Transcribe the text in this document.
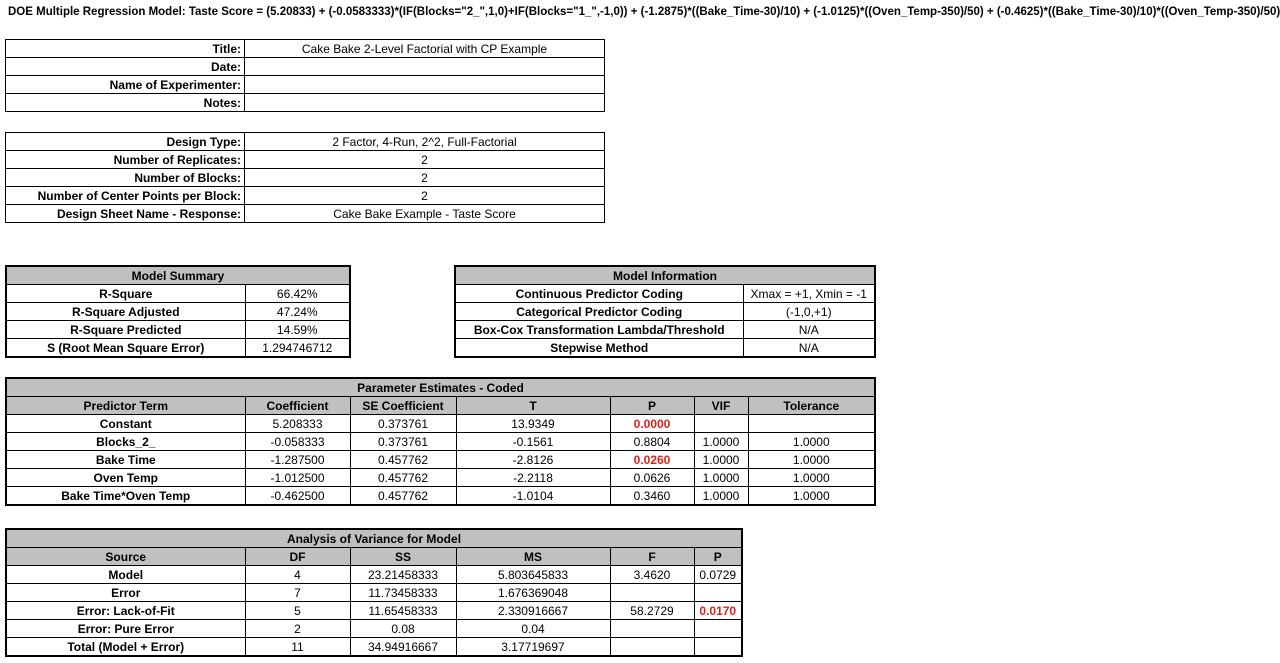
DOE Multiple Regression Model: Taste Score = (5.20833) + (-0.0583333)*(IF(Blocks="2_",1,0)+IF(Blocks="1_",-1,0)) + (-1.2875)*((Bake_Time-30)/10) + (-1.0125)*((Oven_Temp-350)/50) + (-0.4625)*((Bake_Time-30)/10)*((Oven_Temp-350)/50)
Title:	Cake Bake 2-Level Factorial with CP Example
Date:	
Name of Experimenter:	
Notes:	
Design Type:	2 Factor, 4-Run, 2^2, Full-Factorial
Number of Replicates:	2
Number of Blocks:	2
Number of Center Points per Block:	2
Design Sheet Name - Response:	Cake Bake Example - Taste Score
Model Summary	
R-Square	66.42%
R-Square Adjusted	47.24%
R-Square Predicted	14.59%
S (Root Mean Square Error)	1.294746712
Model Information	
Continuous Predictor Coding	Xmax = +1, Xmin = -1
Categorical Predictor Coding	(-1,0,+1)
Box-Cox Transformation Lambda/Threshold	N/A
Stepwise Method	N/A
Parameter Estimates - Coded						
Predictor Term	Coefficient	SE Coefficient	T	P	VIF	Tolerance
Constant	5.208333	0.373761	13.9349	0.0000		
Blocks_2_	-0.058333	0.373761	-0.1561	0.8804	1.0000	1.0000
Bake Time	-1.287500	0.457762	-2.8126	0.0260	1.0000	1.0000
Oven Temp	-1.012500	0.457762	-2.2118	0.0626	1.0000	1.0000
Bake Time*Oven Temp	-0.462500	0.457762	-1.0104	0.3460	1.0000	1.0000
Analysis of Variance for Model					
Source	DF	SS	MS	F	P
Model	4	23.21458333	5.803645833	3.4620	0.0729
Error	7	11.73458333	1.676369048		
Error: Lack-of-Fit	5	11.65458333	2.330916667	58.2729	0.0170
Error: Pure Error	2	0.08	0.04		
Total (Model + Error)	11	34.94916667	3.17719697		
